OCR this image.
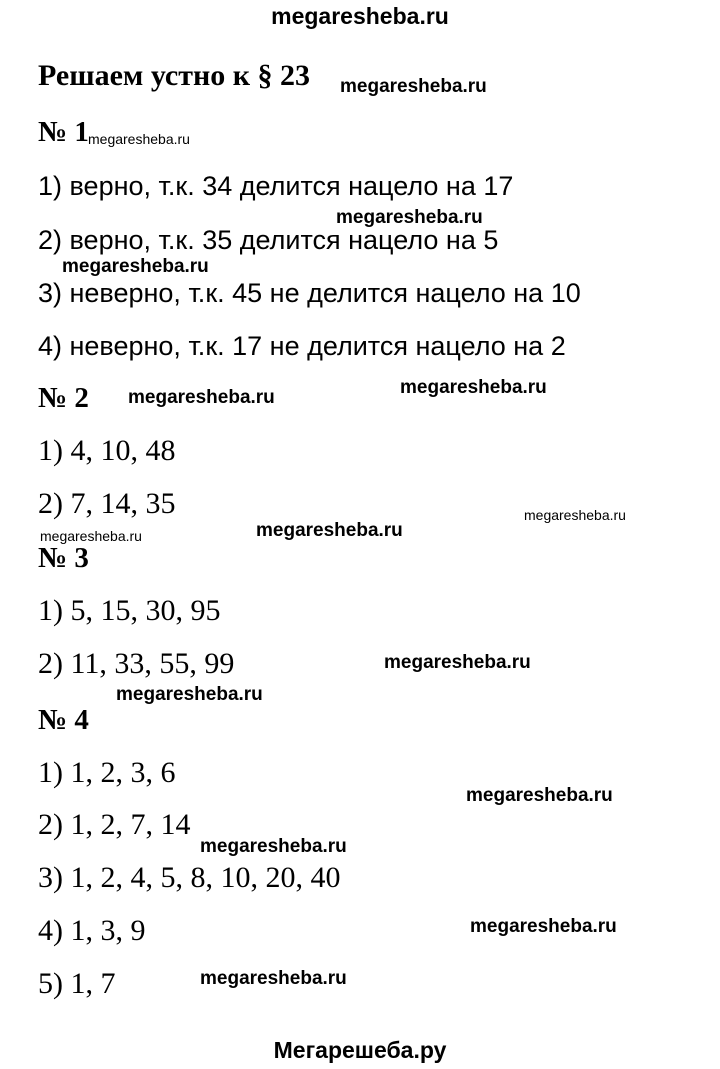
megaresheba.ru
Мегарешеба.ру
Решаем устно к § 23
№ 1
1) верно, т.к. 34 делится нацело на 17
2) верно, т.к. 35 делится нацело на 5
3) неверно, т.к. 45 не делится нацело на 10
4) неверно, т.к. 17 не делится нацело на 2
№ 2
1) 4, 10, 48
2) 7, 14, 35
№ 3
1) 5, 15, 30, 95
2) 11, 33, 55, 99
№ 4
1) 1, 2, 3, 6
2) 1, 2, 7, 14
3) 1, 2, 4, 5, 8, 10, 20, 40
4) 1, 3, 9
5) 1, 7
megaresheba.ru
megaresheba.ru
megaresheba.ru
megaresheba.ru
megaresheba.ru
megaresheba.ru
megaresheba.ru
megaresheba.ru
megaresheba.ru
megaresheba.ru
megaresheba.ru
megaresheba.ru
megaresheba.ru
megaresheba.ru
megaresheba.ru
